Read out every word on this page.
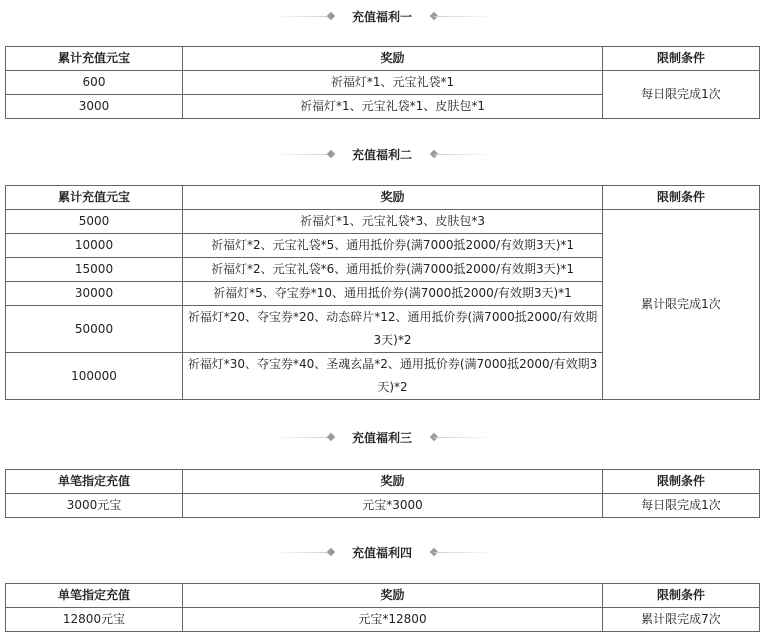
充值福利一
累计充值元宝	奖励	限制条件
600	祈福灯*1、元宝礼袋*1	每日限完成1次
3000	祈福灯*1、元宝礼袋*1、皮肤包*1	
充值福利二
累计充值元宝	奖励	限制条件
5000	祈福灯*1、元宝礼袋*3、皮肤包*3	累计限完成1次
10000	祈福灯*2、元宝礼袋*5、通用抵价券(满7000抵2000/有效期3天)*1	
15000	祈福灯*2、元宝礼袋*6、通用抵价券(满7000抵2000/有效期3天)*1	
30000	祈福灯*5、夺宝券*10、通用抵价券(满7000抵2000/有效期3天)*1	
50000	祈福灯*20、夺宝券*20、动态碎片*12、通用抵价券(满7000抵2000/有效期3天)*2	
100000	祈福灯*30、夺宝券*40、圣魂玄晶*2、通用抵价券(满7000抵2000/有效期3天)*2	
充值福利三
单笔指定充值	奖励	限制条件
3000元宝	元宝*3000	每日限完成1次
充值福利四
单笔指定充值	奖励	限制条件
12800元宝	元宝*12800	累计限完成7次
